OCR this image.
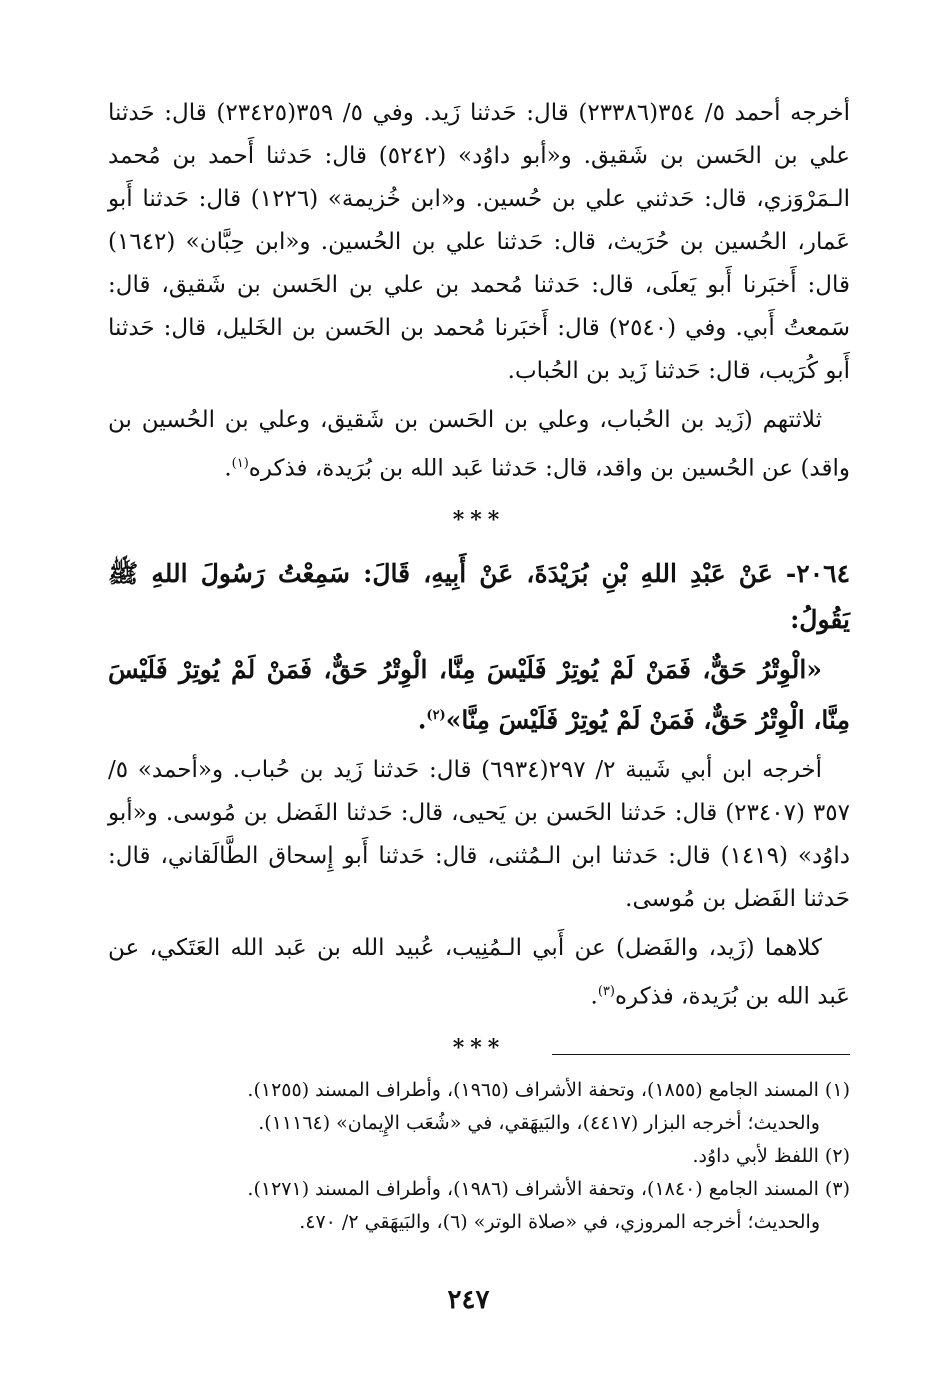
أخرجه أحمد ٥/ ٣٥٤(٢٣٣٨٦) قال: حَدثنا زَيد. وفي ٥/ ٣٥٩(٢٣٤٢٥) قال: حَدثنا علي بن الحَسن بن شَقيق. و«أبو داوُد» (٥٢٤٢) قال: حَدثنا أَحمد بن مُحمد الـمَرْوَزي، قال: حَدثني علي بن حُسين. و«ابن خُزيمة» (١٢٢٦) قال: حَدثنا أَبو عَمار، الحُسين بن حُرَيث، قال: حَدثنا علي بن الحُسين. و«ابن حِبَّان» (١٦٤٢) قال: أَخبَرنا أَبو يَعلَى، قال: حَدثنا مُحمد بن علي بن الحَسن بن شَقيق، قال: سَمعتُ أَبي. وفي (٢٥٤٠) قال: أَخبَرنا مُحمد بن الحَسن بن الخَليل، قال: حَدثنا أَبو كُرَيب، قال: حَدثنا زَيد بن الحُباب.

ثلاثتهم (زَيد بن الحُباب، وعلي بن الحَسن بن شَقيق، وعلي بن الحُسين بن واقد) عن الحُسين بن واقد، قال: حَدثنا عَبد الله بن بُرَيدة، فذكره$^{(١)}$.

***

٢٠٦٤- عَنْ عَبْدِ اللهِ بْنِ بُرَيْدَةَ، عَنْ أَبِيهِ، قَالَ: سَمِعْتُ رَسُولَ اللهِ ﷺ يَقُولُ:

«الْوِتْرُ حَقٌّ، فَمَنْ لَمْ يُوتِرْ فَلَيْسَ مِنَّا، الْوِتْرُ حَقٌّ، فَمَنْ لَمْ يُوتِرْ فَلَيْسَ مِنَّا، الْوِتْرُ حَقٌّ، فَمَنْ لَمْ يُوتِرْ فَلَيْسَ مِنَّا»$^{(٢)}$.

أخرجه ابن أبي شَيبة ٢/ ٢٩٧(٦٩٣٤) قال: حَدثنا زَيد بن حُباب. و«أحمد» ٥/ ٣٥٧ (٢٣٤٠٧) قال: حَدثنا الحَسن بن يَحيى، قال: حَدثنا الفَضل بن مُوسى. و«أبو داوُد» (١٤١٩) قال: حَدثنا ابن الـمُثنى، قال: حَدثنا أَبو إِسحاق الطَّالَقاني، قال: حَدثنا الفَضل بن مُوسى.

كلاهما (زَيد، والفَضل) عن أَبي الـمُنِيب، عُبيد الله بن عَبد الله العَتَكي، عن عَبد الله بن بُرَيدة، فذكره$^{(٣)}$.

***

(١) المسند الجامع (١٨٥٥)، وتحفة الأشراف (١٩٦٥)، وأطراف المسند (١٢٥٥).

والحديث؛ أخرجه البزار (٤٤١٧)، والبَيهَقي، في «شُعَب الإِيمان» (١١١٦٤).

(٢) اللفظ لأبي داوُد.

(٣) المسند الجامع (١٨٤٠)، وتحفة الأشراف (١٩٨٦)، وأطراف المسند (١٢٧١).

والحديث؛ أخرجه المروزي، في «صلاة الوتر» (٦)، والبَيهَقي ٢/ ٤٧٠.

٢٤٧
